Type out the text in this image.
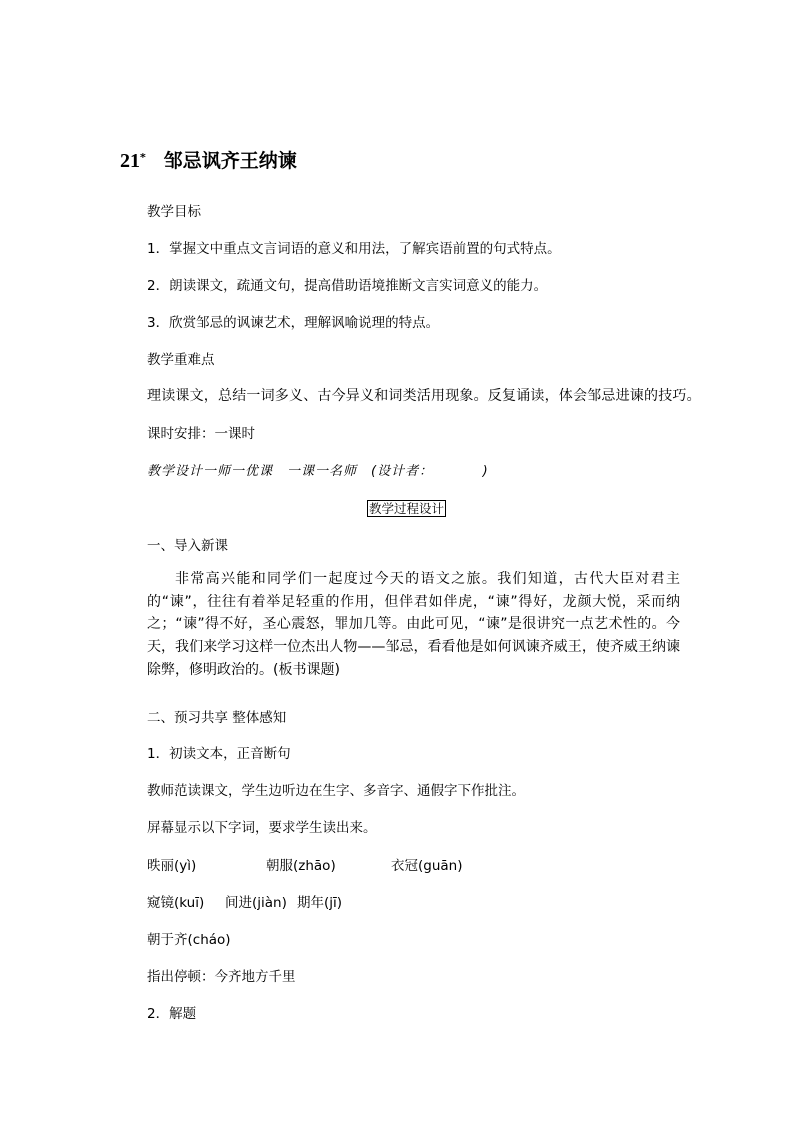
21* 邹忌讽齐王纳谏
教学目标
1．掌握文中重点文言词语的意义和用法，了解宾语前置的句式特点。
2．朗读课文，疏通文句，提高借助语境推断文言实词意义的能力。
3．欣赏邹忌的讽谏艺术，理解讽喻说理的特点。
教学重难点
理读课文，总结一词多义、古今异义和词类活用现象。反复诵读，体会邹忌进谏的技巧。
课时安排：一课时
教学设计一师一优课　一课一名师　(设计者：　　　　)
教学过程设计
一、导入新课
非常高兴能和同学们一起度过今天的语文之旅。我们知道，古代大臣对君主的“谏”，往往有着举足轻重的作用，但伴君如伴虎，“谏”得好，龙颜大悦，采而纳之；“谏”得不好，圣心震怒，罪加几等。由此可见，“谏”是很讲究一点艺术性的。今天，我们来学习这样一位杰出人物——邹忌，看看他是如何讽谏齐威王，使齐威王纳谏除弊，修明政治的。(板书课题)
二、预习共享 整体感知
1．初读文本，正音断句
教师范读课文，学生边听边在生字、多音字、通假字下作批注。
屏幕显示以下字词，要求学生读出来。
昳丽(yì)	朝服(zhāo)	衣冠(guān)
窥镜(kuī) 间进(jiàn) 期年(jī)
朝于齐(cháo)
指出停顿：今齐地方千里
2．解题
